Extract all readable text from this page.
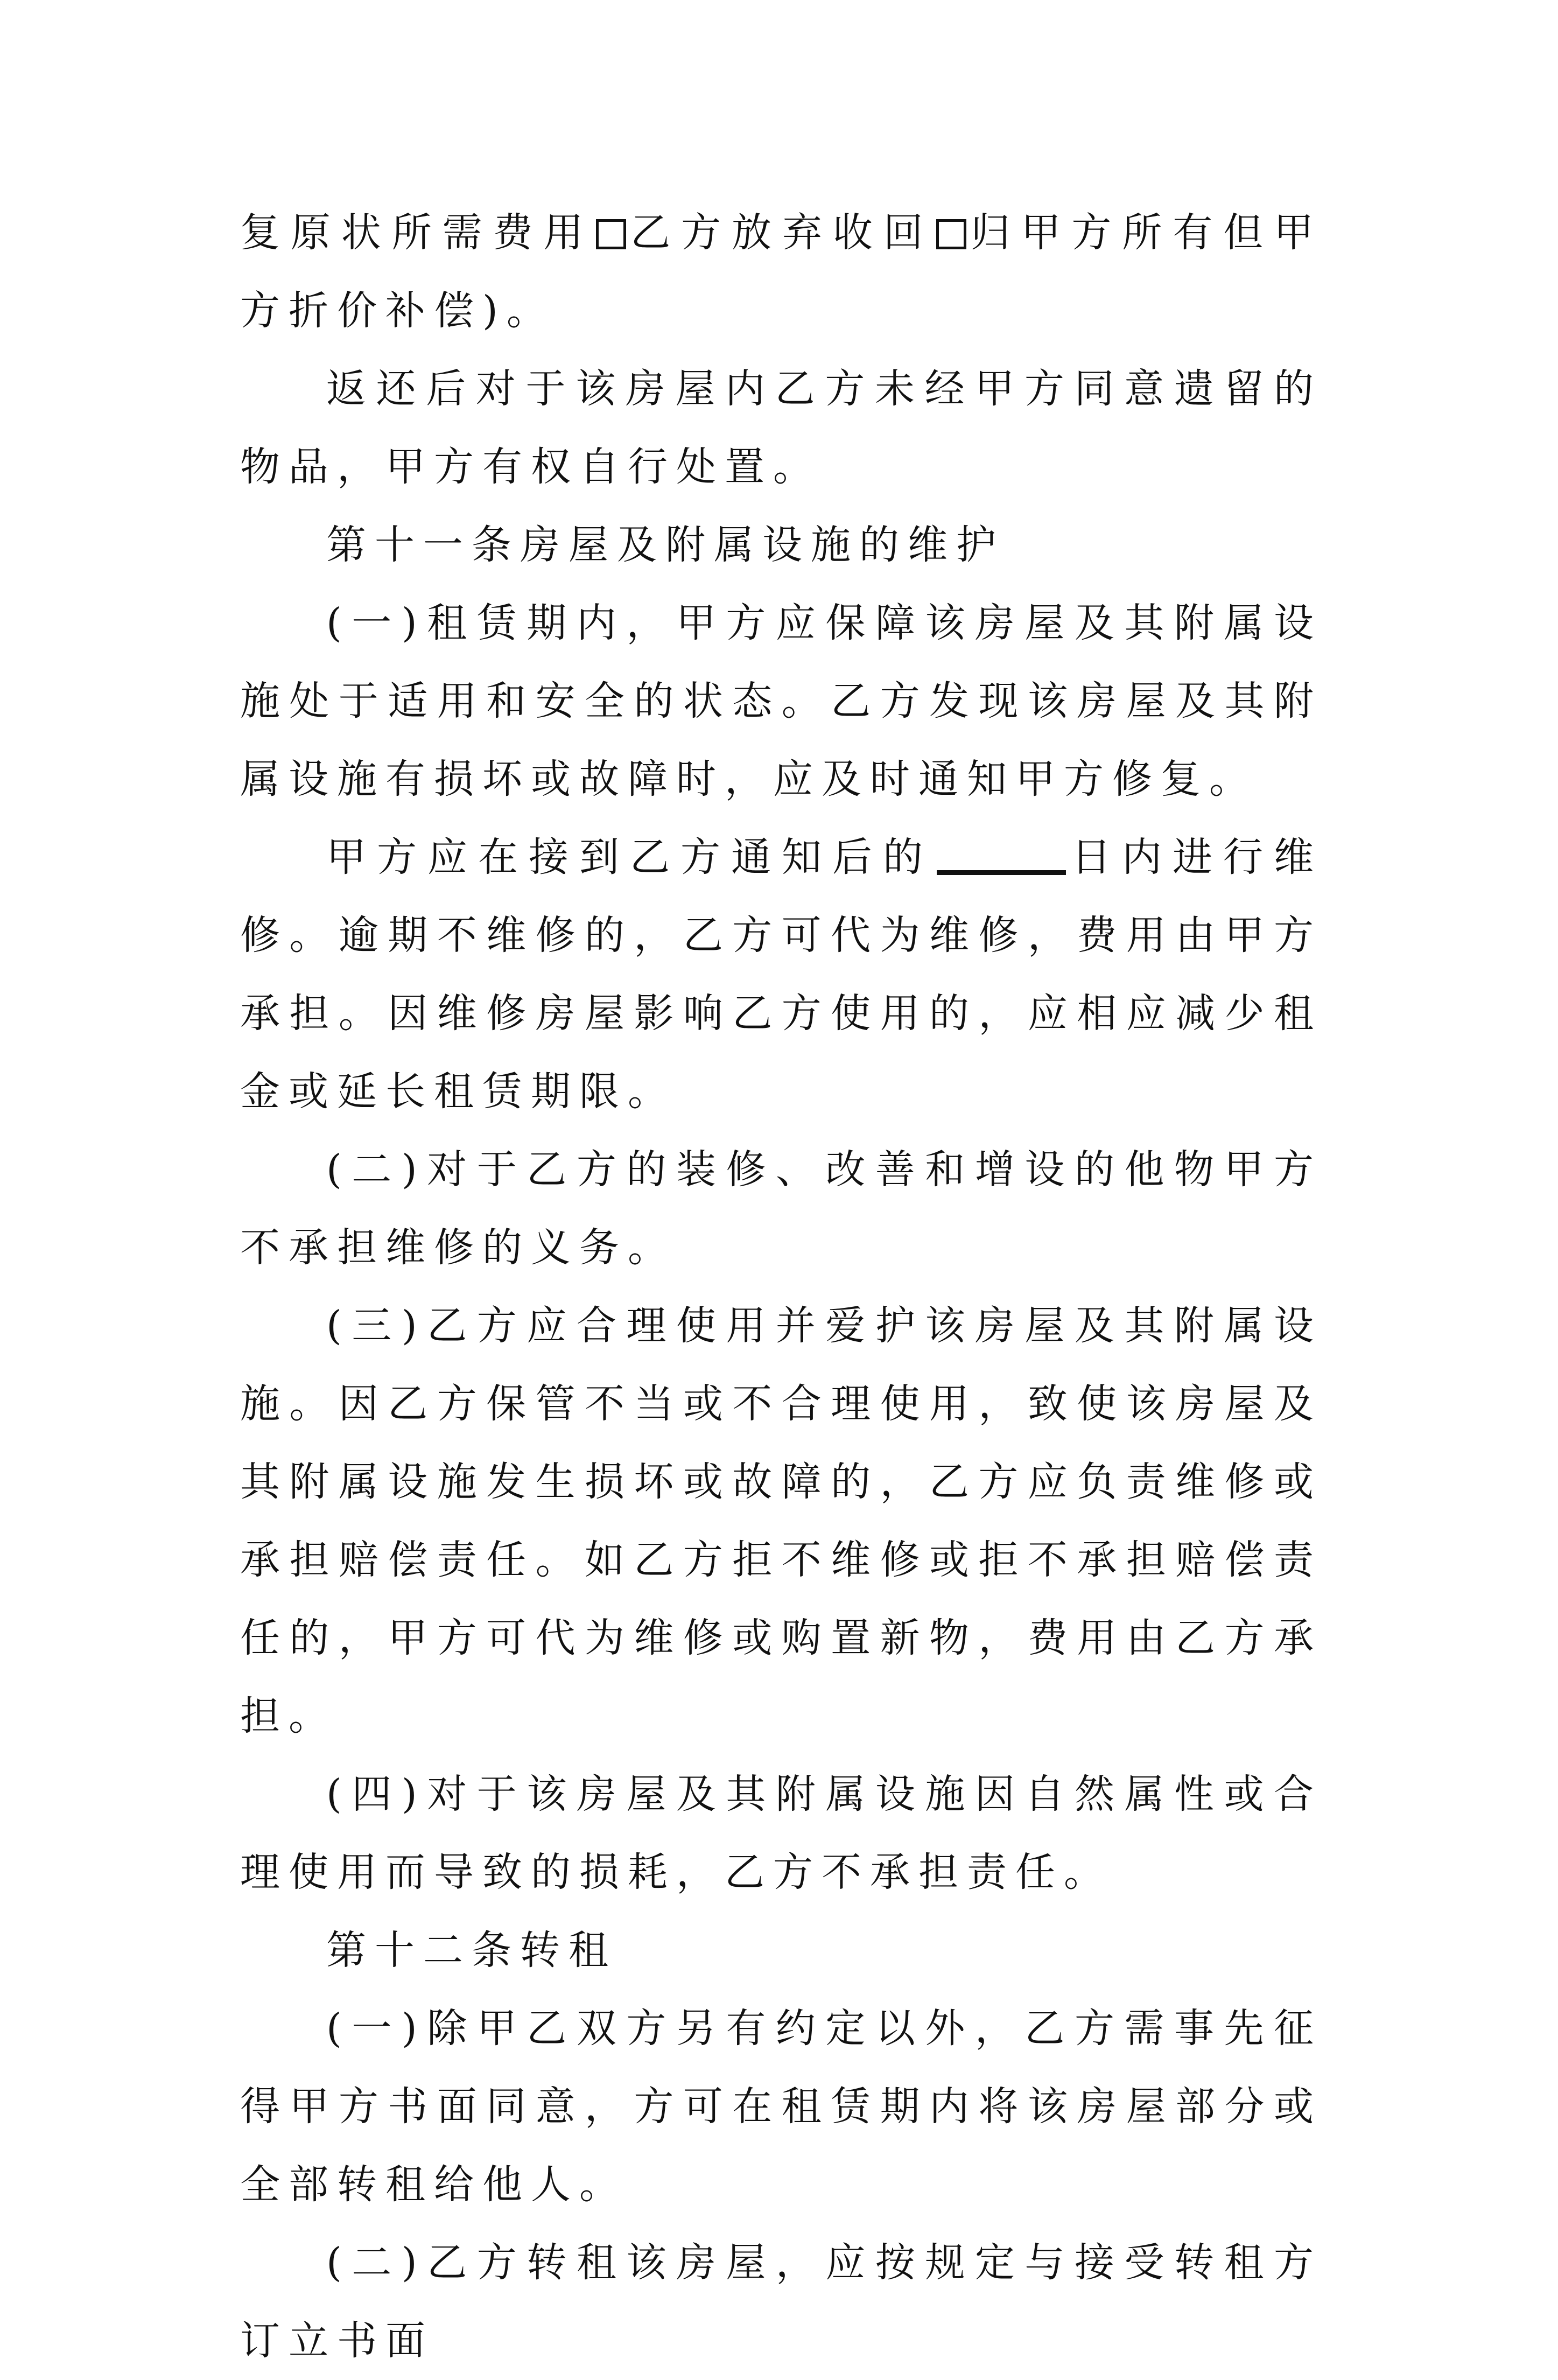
复原状所需费用 乙方放弃收回 归甲方所有但甲方折价补偿)。

返还后对于该房屋内乙方未经甲方同意遗留的物品，甲方有权自行处置。

第十一条房屋及附属设施的维护

(一)租赁期内，甲方应保障该房屋及其附属设施处于适用和安全的状态。乙方发现该房屋及其附属设施有损坏或故障时，应及时通知甲方修复。

甲方应在接到乙方通知后的	日内进行维修。逾期不维修的，乙方可代为维修，费用由甲方承担。因维修房屋影响乙方使用的，应相应减少租金或延长租赁期限。

(二)对于乙方的装修、改善和增设的他物甲方不承担维修的义务。

(三)乙方应合理使用并爱护该房屋及其附属设施。因乙方保管不当或不合理使用，致使该房屋及其附属设施发生损坏或故障的，乙方应负责维修或承担赔偿责任。如乙方拒不维修或拒不承担赔偿责任的，甲方可代为维修或购置新物，费用由乙方承担。

(四)对于该房屋及其附属设施因自然属性或合理使用而导致的损耗，乙方不承担责任。

第十二条转租

(一)除甲乙双方另有约定以外，乙方需事先征得甲方书面同意，方可在租赁期内将该房屋部分或全部转租给他人。

(二)乙方转租该房屋，应按规定与接受转租方订立书面
